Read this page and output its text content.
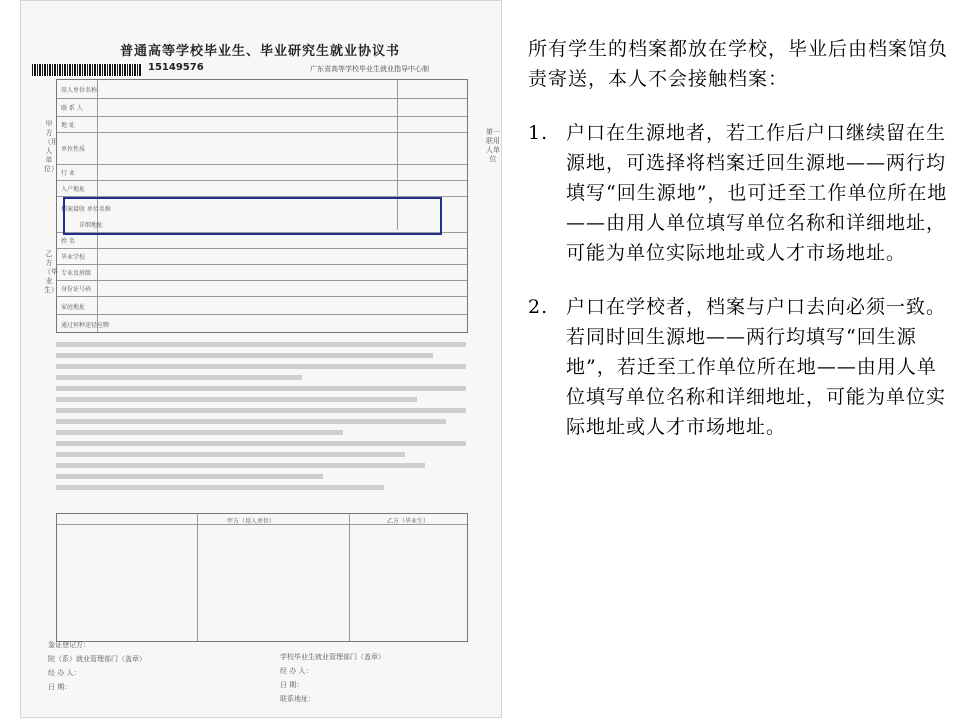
普通高等学校毕业生、毕业研究生就业协议书
15149576	广东省高等学校毕业生就业指导中心制
甲方（用人单位）
乙方（毕业生）
第一联用人单位
用人单位名称
联 系 人
地 址
单位性质
行 业
入户地址
档案接收 单位名称
详细地址
姓 名
毕业学校
专业及班级
身份证号码
家庭地址
通过何种途径应聘
甲方（用人单位）	乙方（毕业生）
鉴证登记方：
院（系）就业管理部门（盖章）
经 办 人：
日 期：
学校毕业生就业管理部门（盖章）
经 办 人：
日 期：
联系地址：

所有学生的档案都放在学校，毕业后由档案馆负责寄送，本人不会接触档案：

1. 户口在生源地者，若工作后户口继续留在生源地，可选择将档案迁回生源地——两行均填写“回生源地”，也可迁至工作单位所在地——由用人单位填写单位名称和详细地址，可能为单位实际地址或人才市场地址。
2. 户口在学校者，档案与户口去向必须一致。若同时回生源地——两行均填写“回生源地”，若迁至工作单位所在地——由用人单位填写单位名称和详细地址，可能为单位实际地址或人才市场地址。
